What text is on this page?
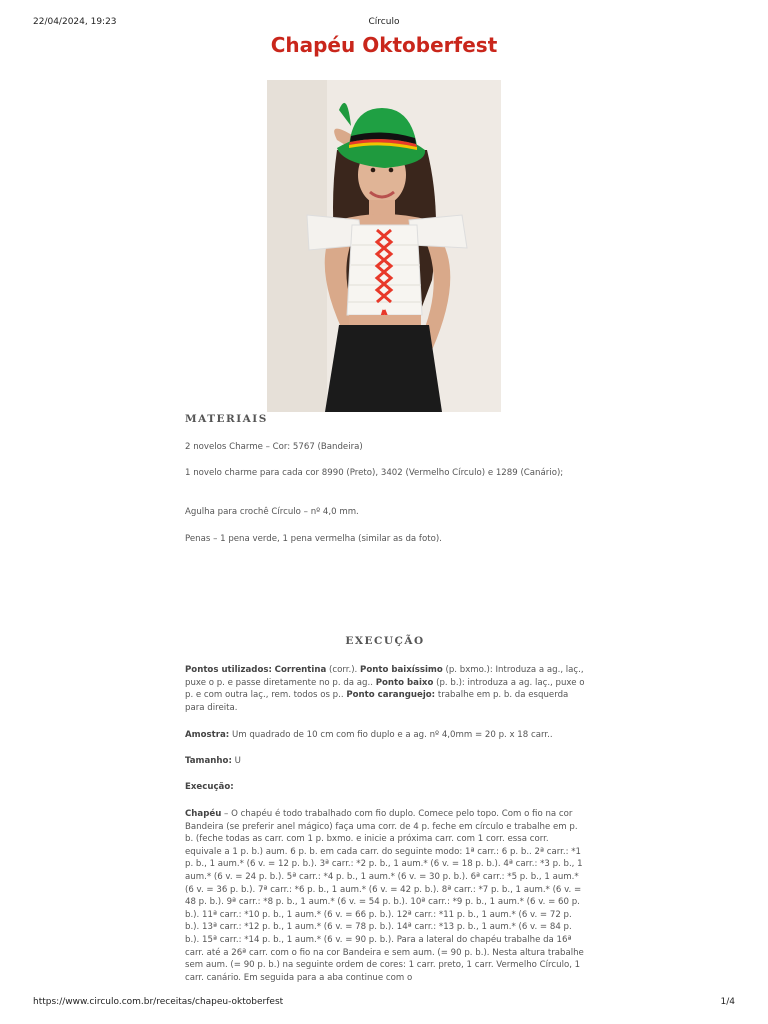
22/04/2024, 19:23	Círculo
Chapéu Oktoberfest
MATERIAIS

2 novelos Charme – Cor: 5767 (Bandeira)

1 novelo charme para cada cor 8990 (Preto), 3402 (Vermelho Círculo) e 1289 (Canário);

Agulha para crochê Círculo – nº 4,0 mm.

Penas – 1 pena verde, 1 pena vermelha (similar as da foto).

EXECUÇÃO

Pontos utilizados: Correntina (corr.). Ponto baixíssimo (p. bxmo.): Introduza a ag., laç., puxe o p. e passe diretamente no p. da ag.. Ponto baixo (p. b.): introduza a ag. laç., puxe o p. e com outra laç., rem. todos os p.. Ponto caranguejo: trabalhe em p. b. da esquerda para direita.

Amostra: Um quadrado de 10 cm com fio duplo e a ag. nº 4,0mm = 20 p. x 18 carr..

Tamanho: U

Execução:

Chapéu – O chapéu é todo trabalhado com fio duplo. Comece pelo topo. Com o fio na cor Bandeira (se preferir anel mágico) faça uma corr. de 4 p. feche em círculo e trabalhe em p. b. (feche todas as carr. com 1 p. bxmo. e inicie a próxima carr. com 1 corr. essa corr. equivale a 1 p. b.) aum. 6 p. b. em cada carr. do seguinte modo: 1ª carr.: 6 p. b.. 2ª carr.: *1 p. b., 1 aum.* (6 v. = 12 p. b.). 3ª carr.: *2 p. b., 1 aum.* (6 v. = 18 p. b.). 4ª carr.: *3 p. b., 1 aum.* (6 v. = 24 p. b.). 5ª carr.: *4 p. b., 1 aum.* (6 v. = 30 p. b.). 6ª carr.: *5 p. b., 1 aum.* (6 v. = 36 p. b.). 7ª carr.: *6 p. b., 1 aum.* (6 v. = 42 p. b.). 8ª carr.: *7 p. b., 1 aum.* (6 v. = 48 p. b.). 9ª carr.: *8 p. b., 1 aum.* (6 v. = 54 p. b.). 10ª carr.: *9 p. b., 1 aum.* (6 v. = 60 p. b.). 11ª carr.: *10 p. b., 1 aum.* (6 v. = 66 p. b.). 12ª carr.: *11 p. b., 1 aum.* (6 v. = 72 p. b.). 13ª carr.: *12 p. b., 1 aum.* (6 v. = 78 p. b.). 14ª carr.: *13 p. b., 1 aum.* (6 v. = 84 p. b.). 15ª carr.: *14 p. b., 1 aum.* (6 v. = 90 p. b.). Para a lateral do chapéu trabalhe da 16ª carr. até a 26ª carr. com o fio na cor Bandeira e sem aum. (= 90 p. b.). Nesta altura trabalhe sem aum. (= 90 p. b.) na seguinte ordem de cores: 1 carr. preto, 1 carr. Vermelho Círculo, 1 carr. canário. Em seguida para a aba continue com o

https://www.circulo.com.br/receitas/chapeu-oktoberfest	1/4
